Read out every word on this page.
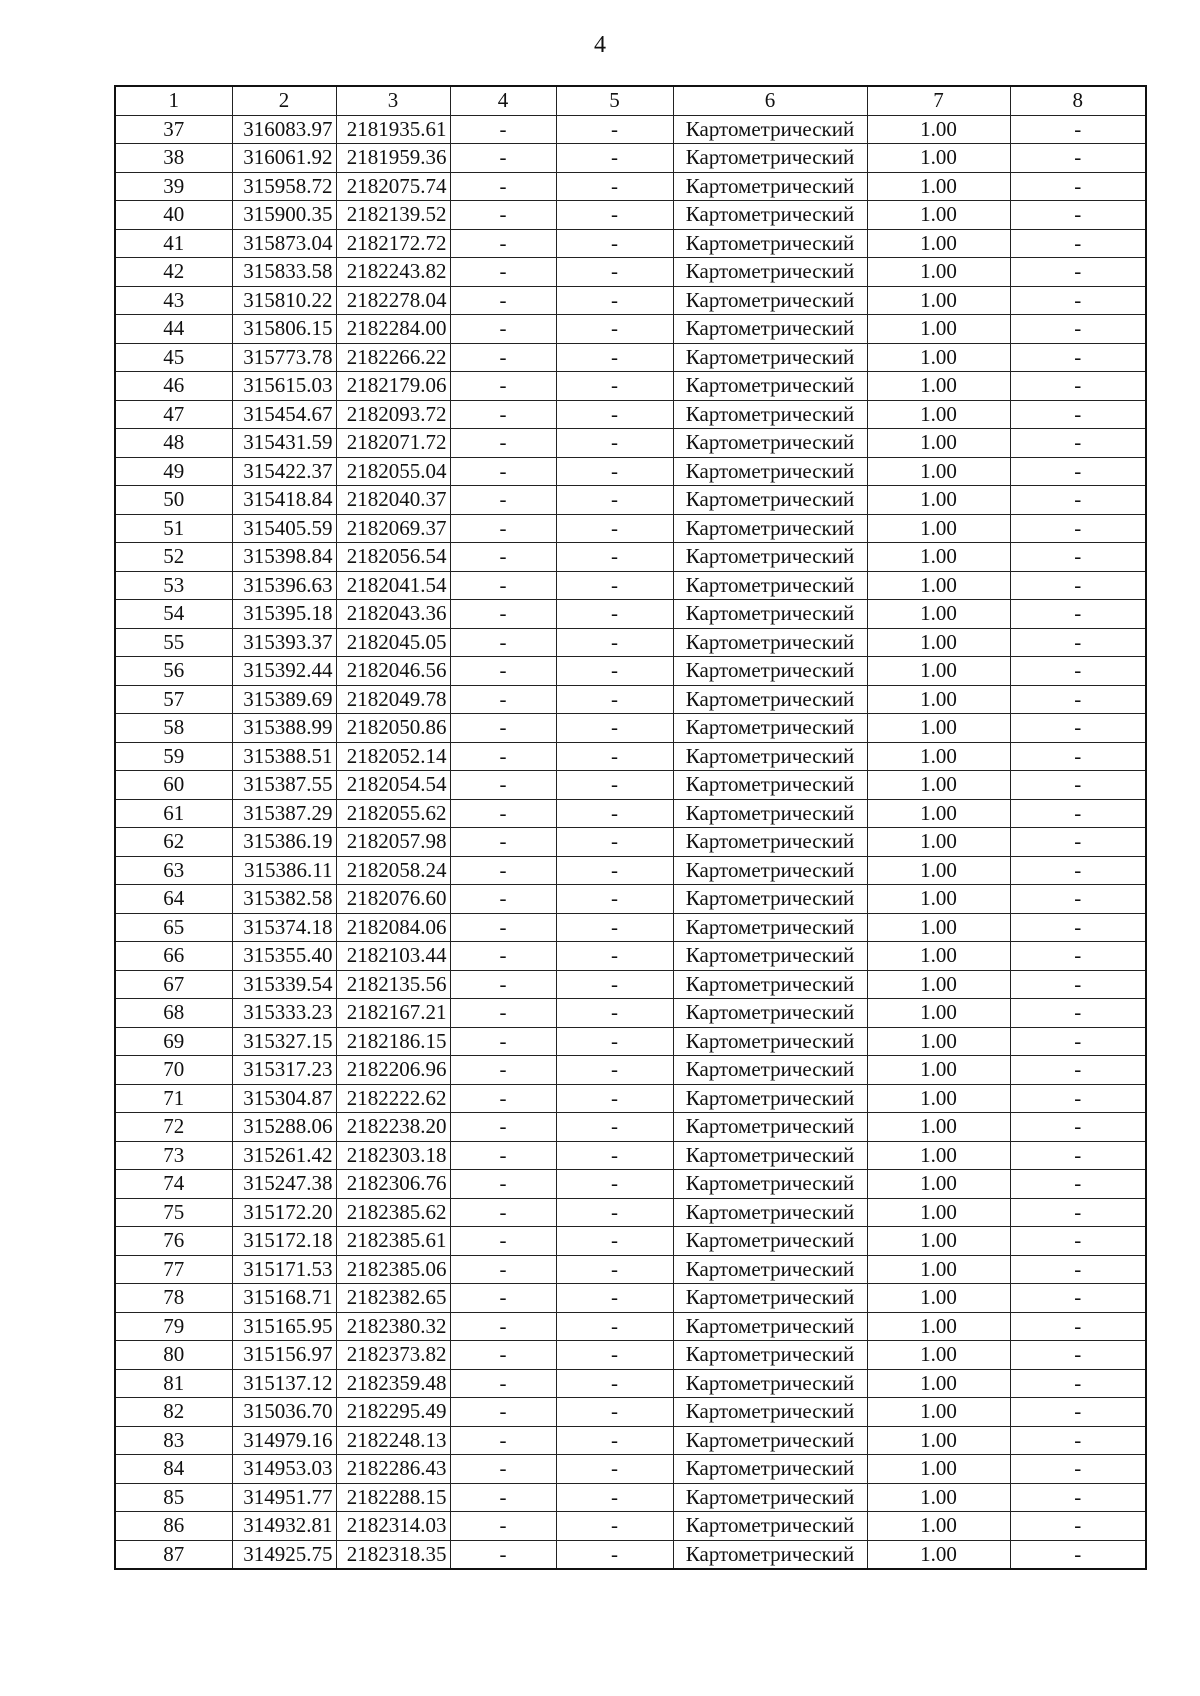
4
1	2	3	4	5	6	7	8
37	316083.97	2181935.61	-	-	Картометрический	1.00	-
38	316061.92	2181959.36	-	-	Картометрический	1.00	-
39	315958.72	2182075.74	-	-	Картометрический	1.00	-
40	315900.35	2182139.52	-	-	Картометрический	1.00	-
41	315873.04	2182172.72	-	-	Картометрический	1.00	-
42	315833.58	2182243.82	-	-	Картометрический	1.00	-
43	315810.22	2182278.04	-	-	Картометрический	1.00	-
44	315806.15	2182284.00	-	-	Картометрический	1.00	-
45	315773.78	2182266.22	-	-	Картометрический	1.00	-
46	315615.03	2182179.06	-	-	Картометрический	1.00	-
47	315454.67	2182093.72	-	-	Картометрический	1.00	-
48	315431.59	2182071.72	-	-	Картометрический	1.00	-
49	315422.37	2182055.04	-	-	Картометрический	1.00	-
50	315418.84	2182040.37	-	-	Картометрический	1.00	-
51	315405.59	2182069.37	-	-	Картометрический	1.00	-
52	315398.84	2182056.54	-	-	Картометрический	1.00	-
53	315396.63	2182041.54	-	-	Картометрический	1.00	-
54	315395.18	2182043.36	-	-	Картометрический	1.00	-
55	315393.37	2182045.05	-	-	Картометрический	1.00	-
56	315392.44	2182046.56	-	-	Картометрический	1.00	-
57	315389.69	2182049.78	-	-	Картометрический	1.00	-
58	315388.99	2182050.86	-	-	Картометрический	1.00	-
59	315388.51	2182052.14	-	-	Картометрический	1.00	-
60	315387.55	2182054.54	-	-	Картометрический	1.00	-
61	315387.29	2182055.62	-	-	Картометрический	1.00	-
62	315386.19	2182057.98	-	-	Картометрический	1.00	-
63	315386.11	2182058.24	-	-	Картометрический	1.00	-
64	315382.58	2182076.60	-	-	Картометрический	1.00	-
65	315374.18	2182084.06	-	-	Картометрический	1.00	-
66	315355.40	2182103.44	-	-	Картометрический	1.00	-
67	315339.54	2182135.56	-	-	Картометрический	1.00	-
68	315333.23	2182167.21	-	-	Картометрический	1.00	-
69	315327.15	2182186.15	-	-	Картометрический	1.00	-
70	315317.23	2182206.96	-	-	Картометрический	1.00	-
71	315304.87	2182222.62	-	-	Картометрический	1.00	-
72	315288.06	2182238.20	-	-	Картометрический	1.00	-
73	315261.42	2182303.18	-	-	Картометрический	1.00	-
74	315247.38	2182306.76	-	-	Картометрический	1.00	-
75	315172.20	2182385.62	-	-	Картометрический	1.00	-
76	315172.18	2182385.61	-	-	Картометрический	1.00	-
77	315171.53	2182385.06	-	-	Картометрический	1.00	-
78	315168.71	2182382.65	-	-	Картометрический	1.00	-
79	315165.95	2182380.32	-	-	Картометрический	1.00	-
80	315156.97	2182373.82	-	-	Картометрический	1.00	-
81	315137.12	2182359.48	-	-	Картометрический	1.00	-
82	315036.70	2182295.49	-	-	Картометрический	1.00	-
83	314979.16	2182248.13	-	-	Картометрический	1.00	-
84	314953.03	2182286.43	-	-	Картометрический	1.00	-
85	314951.77	2182288.15	-	-	Картометрический	1.00	-
86	314932.81	2182314.03	-	-	Картометрический	1.00	-
87	314925.75	2182318.35	-	-	Картометрический	1.00	-
